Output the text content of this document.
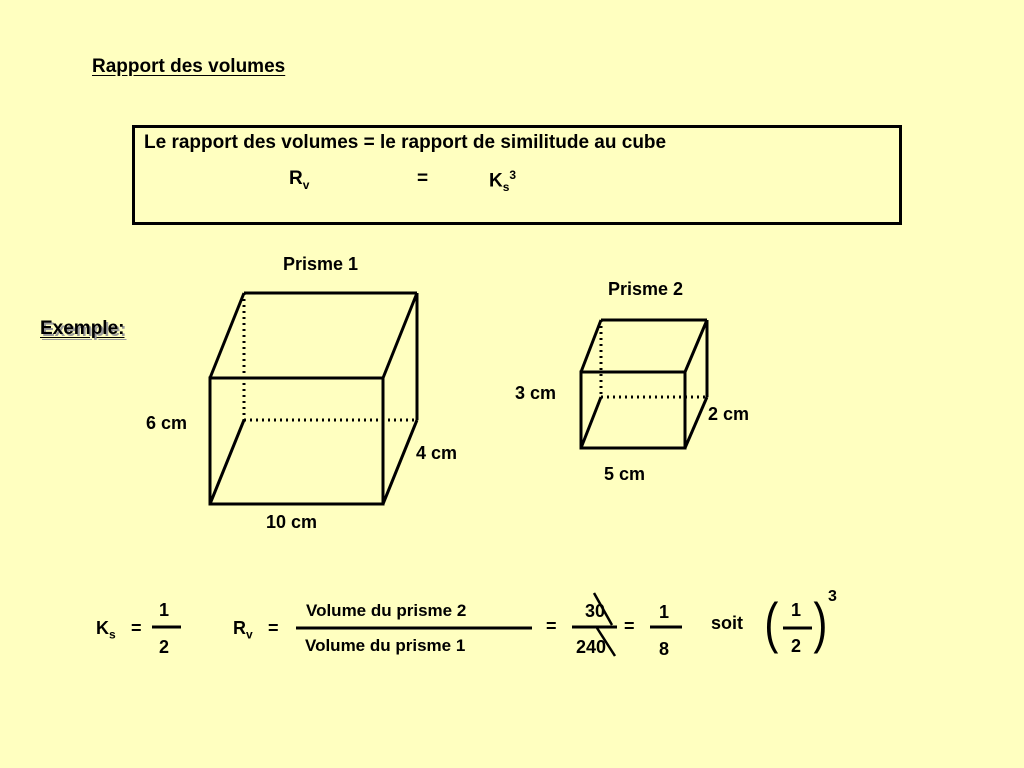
Rapport des volumes
Le rapport des volumes = le rapport de similitude au cube
$R_v$	=	$K_s^3$
Exemple:
Prisme 1
6 cm
4 cm
10 cm
Prisme 2
3 cm
2 cm
5 cm
$K_s$ =
1
2
$R_v$ =
Volume du prisme 2
Volume du prisme 1
=
30
240
=
1
8
soit ( 1
2 ) 3
